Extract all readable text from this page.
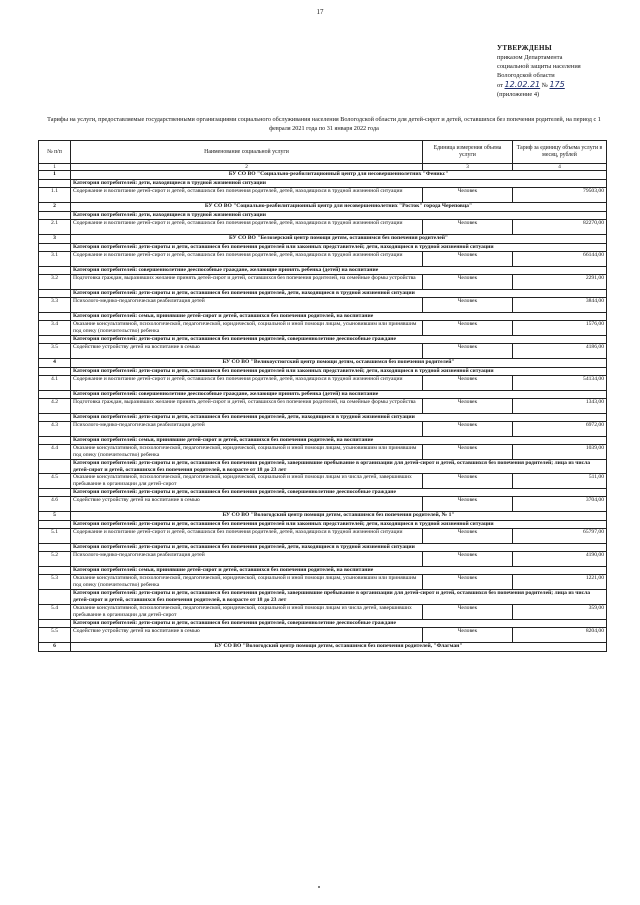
17
УТВЕРЖДЕНЫ
приказом Департамента
социальной защиты населения
Вологодской области
от 12.02.21 № 175
(приложение 4)
Тарифы на услуги, предоставляемые государственными организациями социального обслуживания населения Вологодской области для детей-сирот и детей, оставшихся без попечения родителей, на период с 1 февраля 2021 года по 31 января 2022 года
№ п/п	Наименование социальной услуги	Единица измерения объема услуги	Тариф за единицу объема услуги в месяц, рублей
1	2	3	4
1	БУ СО ВО "Социально-реабилитационный центр для несовершеннолетних "Феникс"		
	Категория потребителей: дети, находящиеся в трудной жизненной ситуации		
1.1	Содержание и воспитание детей-сирот и детей, оставшихся без попечения родителей, детей, находящихся в трудной жизненной ситуации	Человек	79503,00
2	БУ СО ВО "Социально-реабилитационный центр для несовершеннолетних "Росток" города Череповца"		
	Категория потребителей: дети, находящиеся в трудной жизненной ситуации		
2.1	Содержание и воспитание детей-сирот и детей, оставшихся без попечения родителей, детей, находящихся в трудной жизненной ситуации	Человек	82270,00
3	БУ СО ВО "Белозерский центр помощи детям, оставшимся без попечения родителей"		
	Категория потребителей: дети-сироты и дети, оставшиеся без попечения родителей или законных представителей; дети, находящиеся в трудной жизненной ситуации		
3.1	Содержание и воспитание детей-сирот и детей, оставшихся без попечения родителей, детей, находящихся в трудной жизненной ситуации	Человек	66144,00
	Категория потребителей: совершеннолетние дееспособные граждане, желающие принять ребенка (детей) на воспитание		
3.2	Подготовка граждан, выразивших желание принять детей-сирот и детей, оставшихся без попечения родителей, на семейные формы устройства	Человек	2291,00
	Категория потребителей: дети-сироты и дети, оставшиеся без попечения родителей, дети, находящиеся в трудной жизненной ситуации		
3.3	Психолого-медико-педагогическая реабилитация детей	Человек	3844,00
	Категория потребителей: семьи, принявшие детей-сирот и детей, оставшихся без попечения родителей, на воспитание		
3.4	Оказание консультативной, психологической, педагогической, юридической, социальной и иной помощи лицам, усыновившим или принявшим под опеку (попечительство) ребенка	Человек	1576,00
	Категория потребителей: дети-сироты и дети, оставшиеся без попечения родителей, совершеннолетние дееспособные граждане		
3.5	Содействие устройству детей на воспитание в семью	Человек	4186,00
4	БУ СО ВО "Великоустюгский центр помощи детям, оставшимся без попечения родителей"		
	Категория потребителей: дети-сироты и дети, оставшиеся без попечения родителей или законных представителей; дети, находящиеся в трудной жизненной ситуации		
4.1	Содержание и воспитание детей-сирот и детей, оставшихся без попечения родителей, детей, находящихся в трудной жизненной ситуации	Человек	54134,00
	Категория потребителей: совершеннолетние дееспособные граждане, желающие принять ребенка (детей) на воспитание		
4.2	Подготовка граждан, выразивших желание принять детей-сирот и детей, оставшихся без попечения родителей, на семейные формы устройства	Человек	1343,00
	Категория потребителей: дети-сироты и дети, оставшиеся без попечения родителей, дети, находящиеся в трудной жизненной ситуации		
4.3	Психолого-медико-педагогическая реабилитация детей	Человек	6972,00
	Категория потребителей: семьи, принявшие детей-сирот и детей, оставшихся без попечения родителей, на воспитание		
4.4	Оказание консультативной, психологической, педагогической, юридической, социальной и иной помощи лицам, усыновившим или принявшим под опеку (попечительство) ребенка	Человек	1039,00
	Категория потребителей: дети-сироты и дети, оставшиеся без попечения родителей, завершившие пребывание в организации для детей-сирот и детей, оставшихся без попечения родителей; лица из числа детей-сирот и детей, оставшихся без попечения родителей, в возрасте от 18 до 23 лет		
4.5	Оказание консультативной, психологической, педагогической, юридической, социальной и иной помощи лицам из числа детей, завершивших пребывание в организации для детей-сирот	Человек	511,00
	Категория потребителей: дети-сироты и дети, оставшиеся без попечения родителей, совершеннолетние дееспособные граждане		
4.6	Содействие устройству детей на воспитание в семью	Человек	3704,00
5	БУ СО ВО "Вологодский центр помощи детям, оставшимся без попечения родителей, № 1"		
	Категория потребителей: дети-сироты и дети, оставшиеся без попечения родителей или законных представителей; дети, находящиеся в трудной жизненной ситуации		
5.1	Содержание и воспитание детей-сирот и детей, оставшихся без попечения родителей, детей, находящихся в трудной жизненной ситуации	Человек	65797,00
	Категория потребителей: дети-сироты и дети, оставшиеся без попечения родителей, дети, находящиеся в трудной жизненной ситуации		
5.2	Психолого-медико-педагогическая реабилитация детей	Человек	4190,00
	Категория потребителей: семьи, принявшие детей-сирот и детей, оставшихся без попечения родителей, на воспитание		
5.3	Оказание консультативной, психологической, педагогической, юридической, социальной и иной помощи лицам, усыновившим или принявшим под опеку (попечительство) ребенка	Человек	1221,00
	Категория потребителей: дети-сироты и дети, оставшиеся без попечения родителей, завершившие пребывание в организации для детей-сирот и детей, оставшихся без попечения родителей; лица из числа детей-сирот и детей, оставшихся без попечения родителей, в возрасте от 18 до 23 лет		
5.4	Оказание консультативной, психологической, педагогической, юридической, социальной и иной помощи лицам из числа детей, завершивших пребывание в организации для детей-сирот	Человек	359,00
	Категория потребителей: дети-сироты и дети, оставшиеся без попечения родителей, совершеннолетние дееспособные граждане		
5.5	Содействие устройству детей на воспитание в семью	Человек	8204,00
6	БУ СО ВО "Вологодский центр помощи детям, оставшимся без попечения родителей, "Флагман"		
